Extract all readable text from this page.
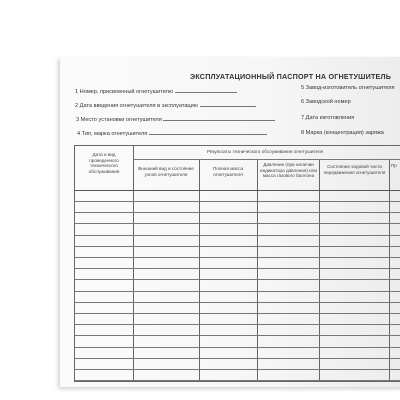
ЭКСПЛУАТАЦИОННЫЙ ПАСПОРТ НА ОГНЕТУШИТЕЛЬ
1 Номер, присвоенный огнетушителю
2 Дата введения огнетушителя в эксплуатацию
3 Место установки огнетушителя
4 Тип, марка огнетушителя
5 Завод-изготовитель огнетушителя
6 Заводской номер
7 Дата изготовления
8 Марка (концентрация) заряжа
Дата и вид проведенного технического обслуживания
Результаты технического обслуживания огнетушителя
Внешний вид и состояние узлов огнетушителя
Полная масса огнетушителя
Давление (при наличии индикатора давления) или масса газового баллона
Состояние ходовой части передвижения огнетушителя
Пр
